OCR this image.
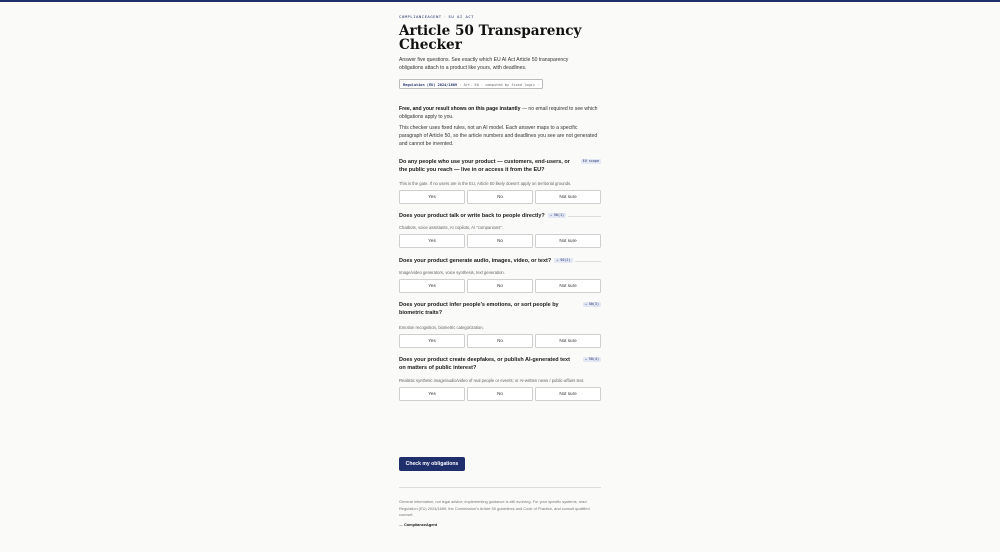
COMPLIANCEAGENT · EU AI ACT
Article 50 Transparency Checker

Answer five questions. See exactly which EU AI Act Article 50 transparency obligations attach to a product like yours, with deadlines.

Regulation (EU) 2024/1689 · Art. 50 · computed by fixed logic ·

Free, and your result shows on this page instantly — no email required to see which obligations apply to you.

This checker uses fixed rules, not an AI model. Each answer maps to a specific paragraph of Article 50, so the article numbers and deadlines you see are not generated and cannot be invented.

Do any people who use your product — customers, end-users, or the public you reach — live in or access it from the EU?
EU scope
This is the gate. If no users are in the EU, Article 50 likely doesn't apply on territorial grounds.
Yes	No	Not sure
Does your product talk or write back to people directly?	→ 50(1)
Chatbots, voice assistants, AI copilots, AI "companions".
Yes	No	Not sure
Does your product generate audio, images, video, or text?	→ 50(2)
Image/video generators, voice synthesis, text generation.
Yes	No	Not sure
Does your product infer people's emotions, or sort people by biometric traits?
→ 50(3)
Emotion recognition, biometric categorization.
Yes	No	Not sure
Does your product create deepfakes, or publish AI-generated text on matters of public interest?
→ 50(4)
Realistic synthetic image/audio/video of real people or events; or AI-written news / public-affairs text.
Yes	No	Not sure
Check my obligations

General information, not legal advice; implementing guidance is still evolving. For your specific systems, read Regulation (EU) 2024/1689, the Commission's Article 50 guidelines and Code of Practice, and consult qualified counsel.

— ComplianceAgent
